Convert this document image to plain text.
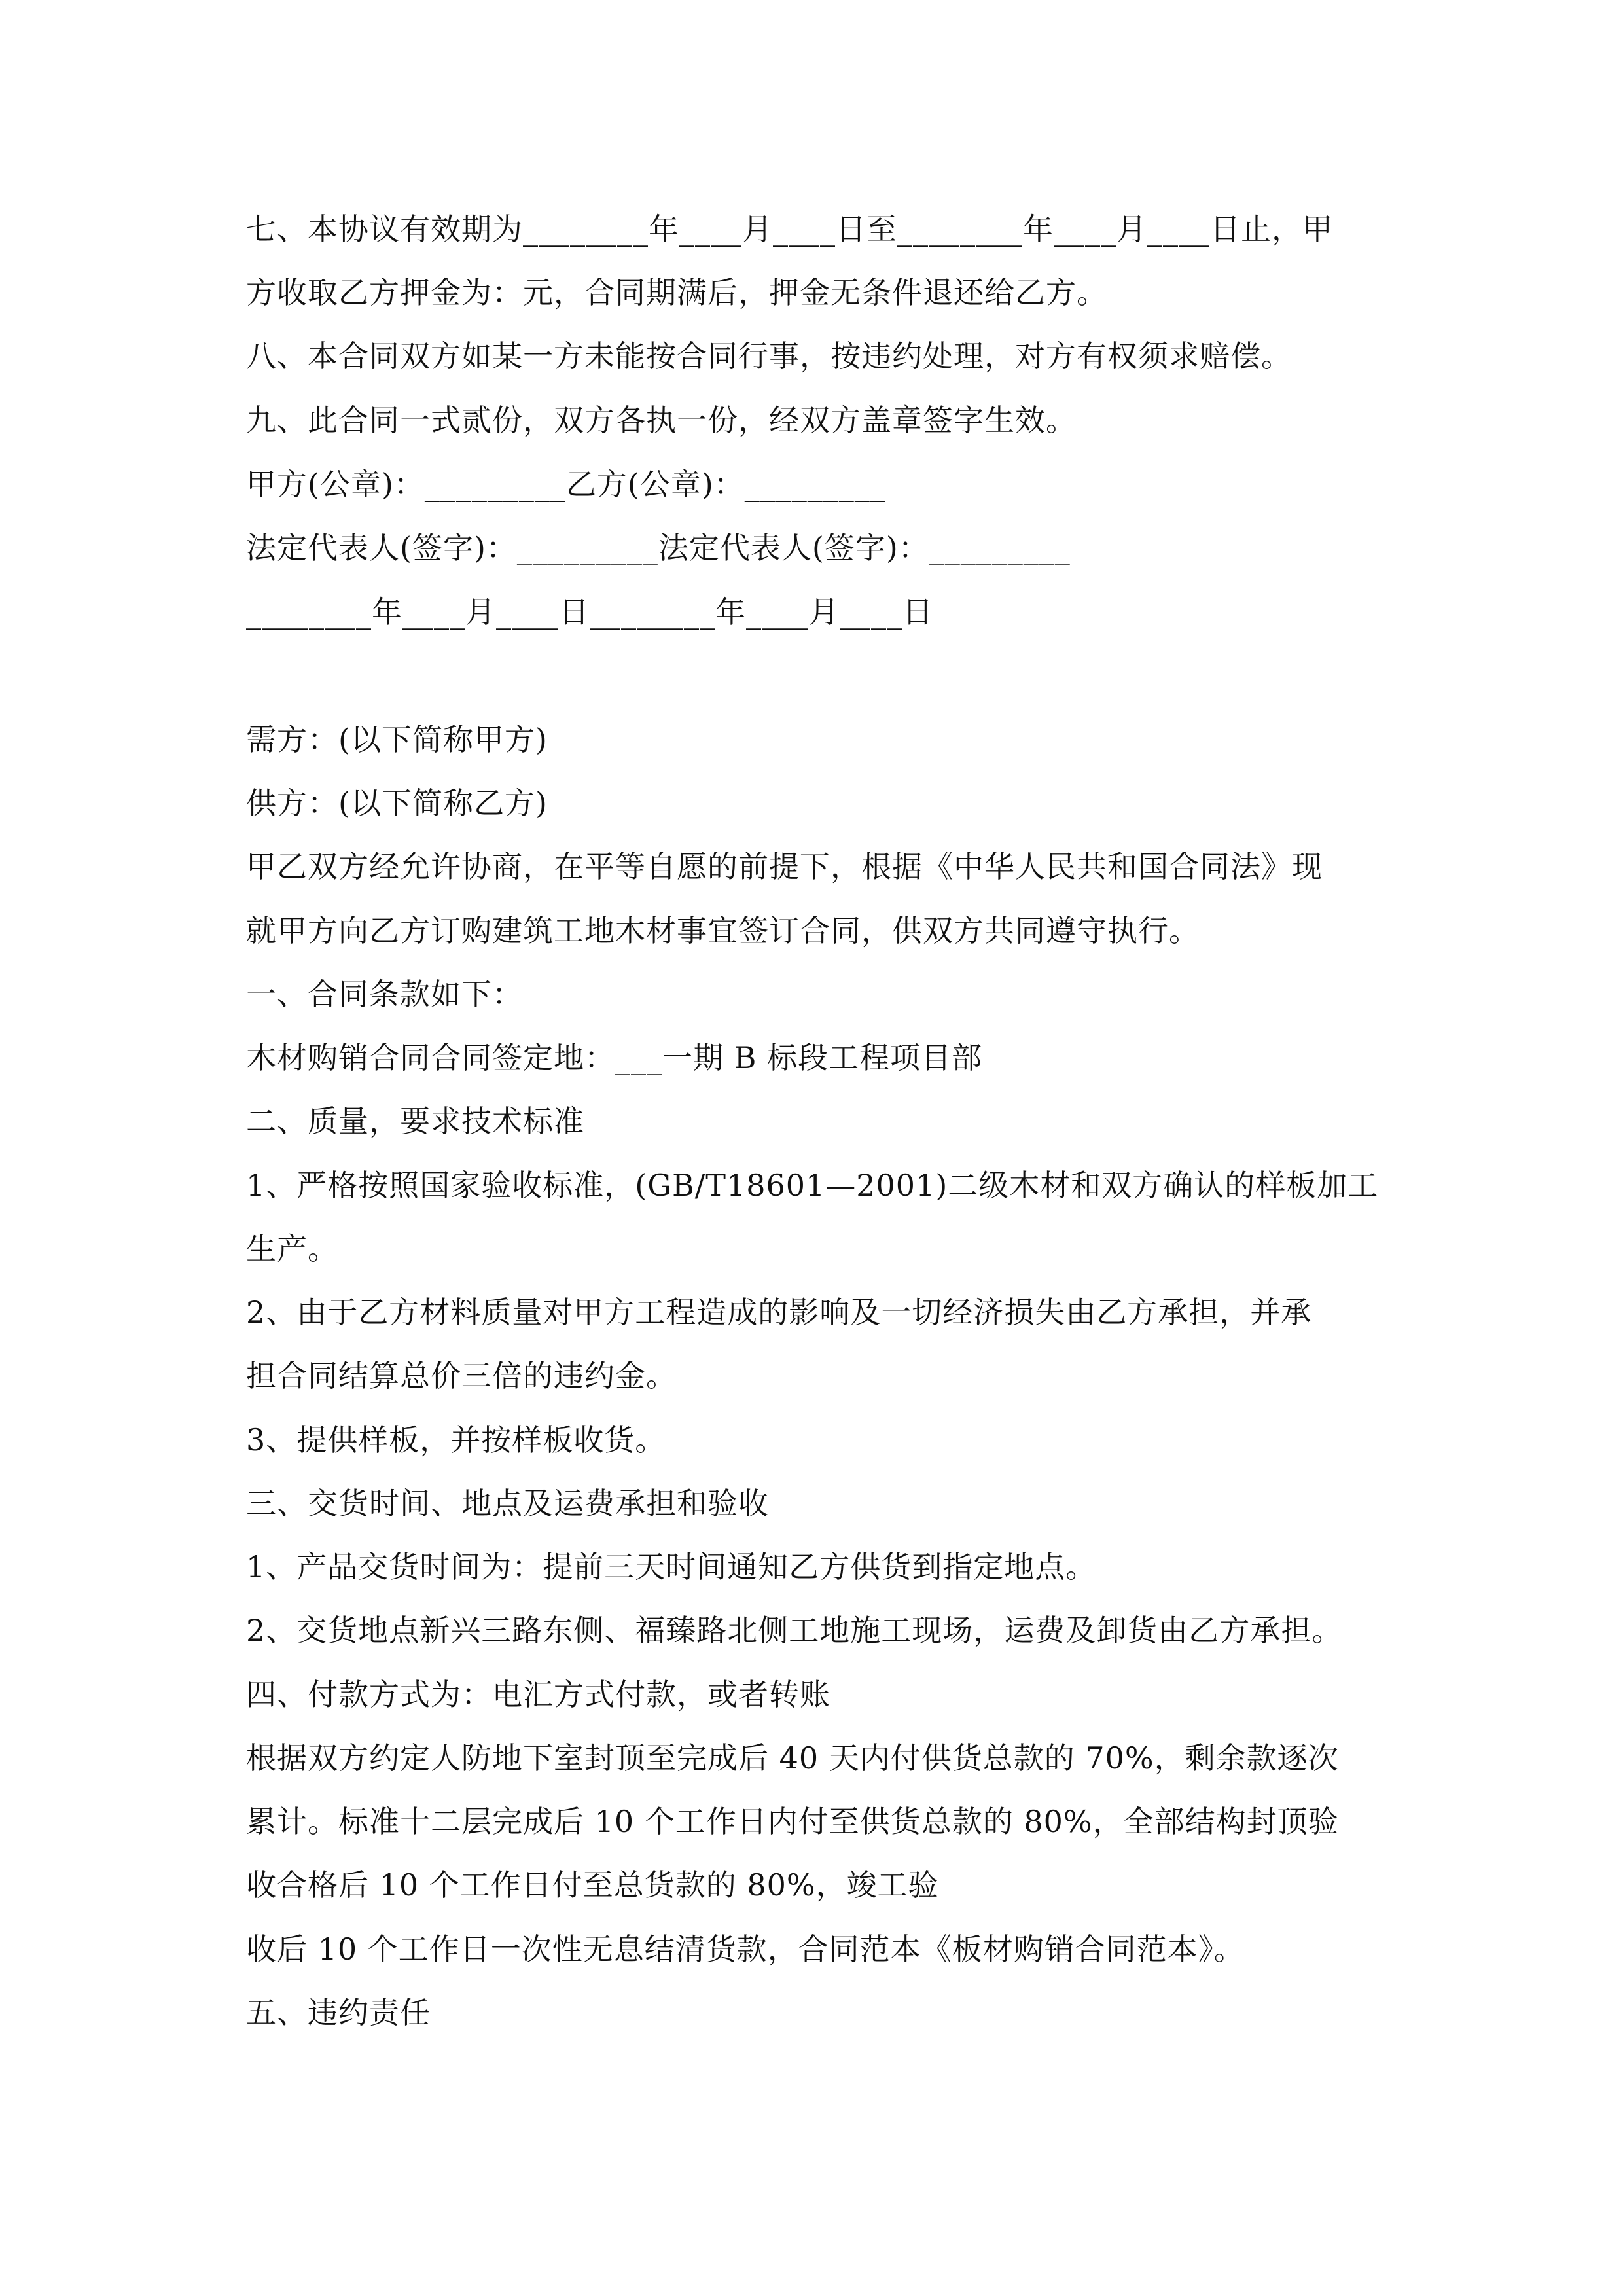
七、本协议有效期为________年____月____日至________年____月____日止，甲
方收取乙方押金为：元，合同期满后，押金无条件退还给乙方。
八、本合同双方如某一方未能按合同行事，按违约处理，对方有权须求赔偿。
九、此合同一式贰份，双方各执一份，经双方盖章签字生效。
甲方(公章)：_________乙方(公章)：_________
法定代表人(签字)：_________法定代表人(签字)：_________
________年____月____日________年____月____日
需方：(以下简称甲方)
供方：(以下简称乙方)
甲乙双方经允许协商，在平等自愿的前提下，根据《中华人民共和国合同法》现
就甲方向乙方订购建筑工地木材事宜签订合同，供双方共同遵守执行。
一、合同条款如下：
木材购销合同合同签定地：___一期 B 标段工程项目部
二、质量，要求技术标准
1、严格按照国家验收标准，(GB/T18601—2001)二级木材和双方确认的样板加工
生产。
2、由于乙方材料质量对甲方工程造成的影响及一切经济损失由乙方承担，并承
担合同结算总价三倍的违约金。
3、提供样板，并按样板收货。
三、交货时间、地点及运费承担和验收
1、产品交货时间为：提前三天时间通知乙方供货到指定地点。
2、交货地点新兴三路东侧、福臻路北侧工地施工现场，运费及卸货由乙方承担。
四、付款方式为：电汇方式付款，或者转账
根据双方约定人防地下室封顶至完成后 40 天内付供货总款的 70%，剩余款逐次
累计。标准十二层完成后 10 个工作日内付至供货总款的 80%，全部结构封顶验
收合格后 10 个工作日付至总货款的 80%，竣工验
收后 10 个工作日一次性无息结清货款，合同范本《板材购销合同范本》。
五、违约责任
